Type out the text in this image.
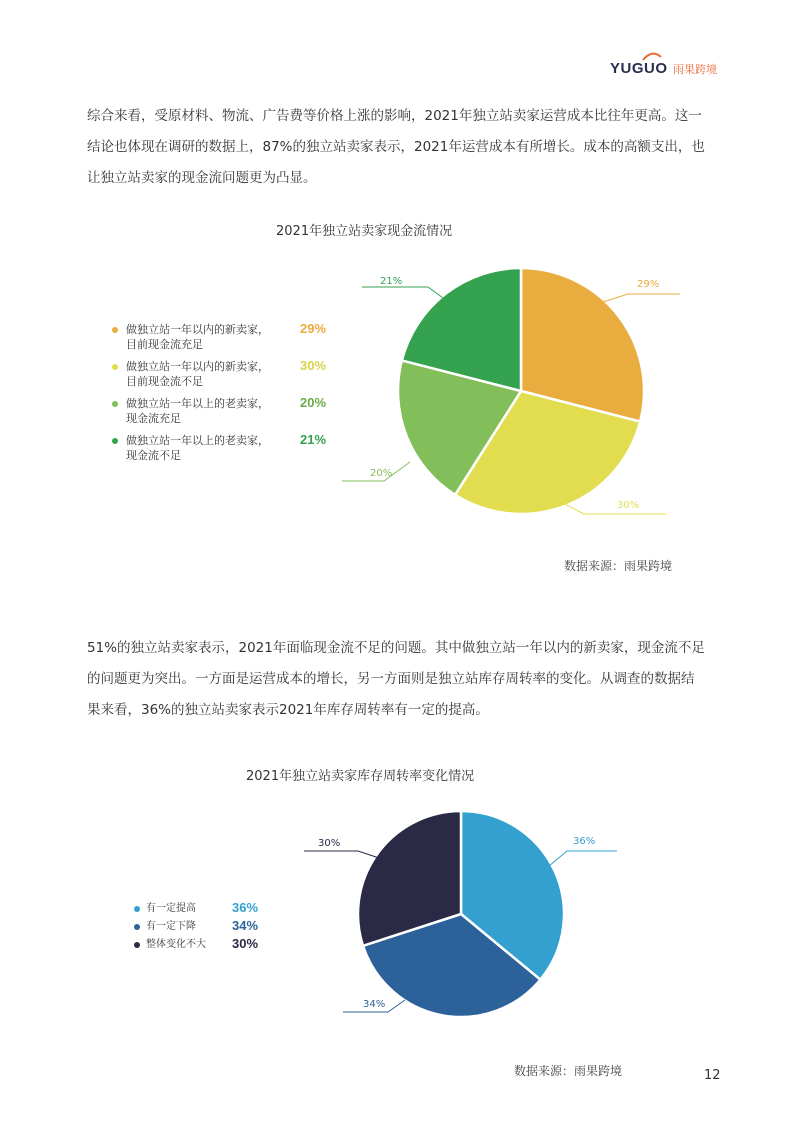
YUGUO 雨果跨境
综合来看，受原材料、物流、广告费等价格上涨的影响，2021年独立站卖家运营成本比往年更高。这一结论也体现在调研的数据上，87%的独立站卖家表示，2021年运营成本有所增长。成本的高额支出，也让独立站卖家的现金流问题更为凸显。
2021年独立站卖家现金流情况
做独立站一年以内的新卖家，
目前现金流充足
29%
做独立站一年以内的新卖家，
目前现金流不足
30%
做独立站一年以上的老卖家，
现金流充足
20%
做独立站一年以上的老卖家，
现金流不足
21%
29%
30%
20%
21%
数据来源：雨果跨境
51%的独立站卖家表示，2021年面临现金流不足的问题。其中做独立站一年以内的新卖家，现金流不足的问题更为突出。一方面是运营成本的增长，另一方面则是独立站库存周转率的变化。从调查的数据结果来看，36%的独立站卖家表示2021年库存周转率有一定的提高。
2021年独立站卖家库存周转率变化情况
有一定提高	36%
有一定下降	34%
整体变化不大 30%
36%
34%
30%
数据来源：雨果跨境	12
